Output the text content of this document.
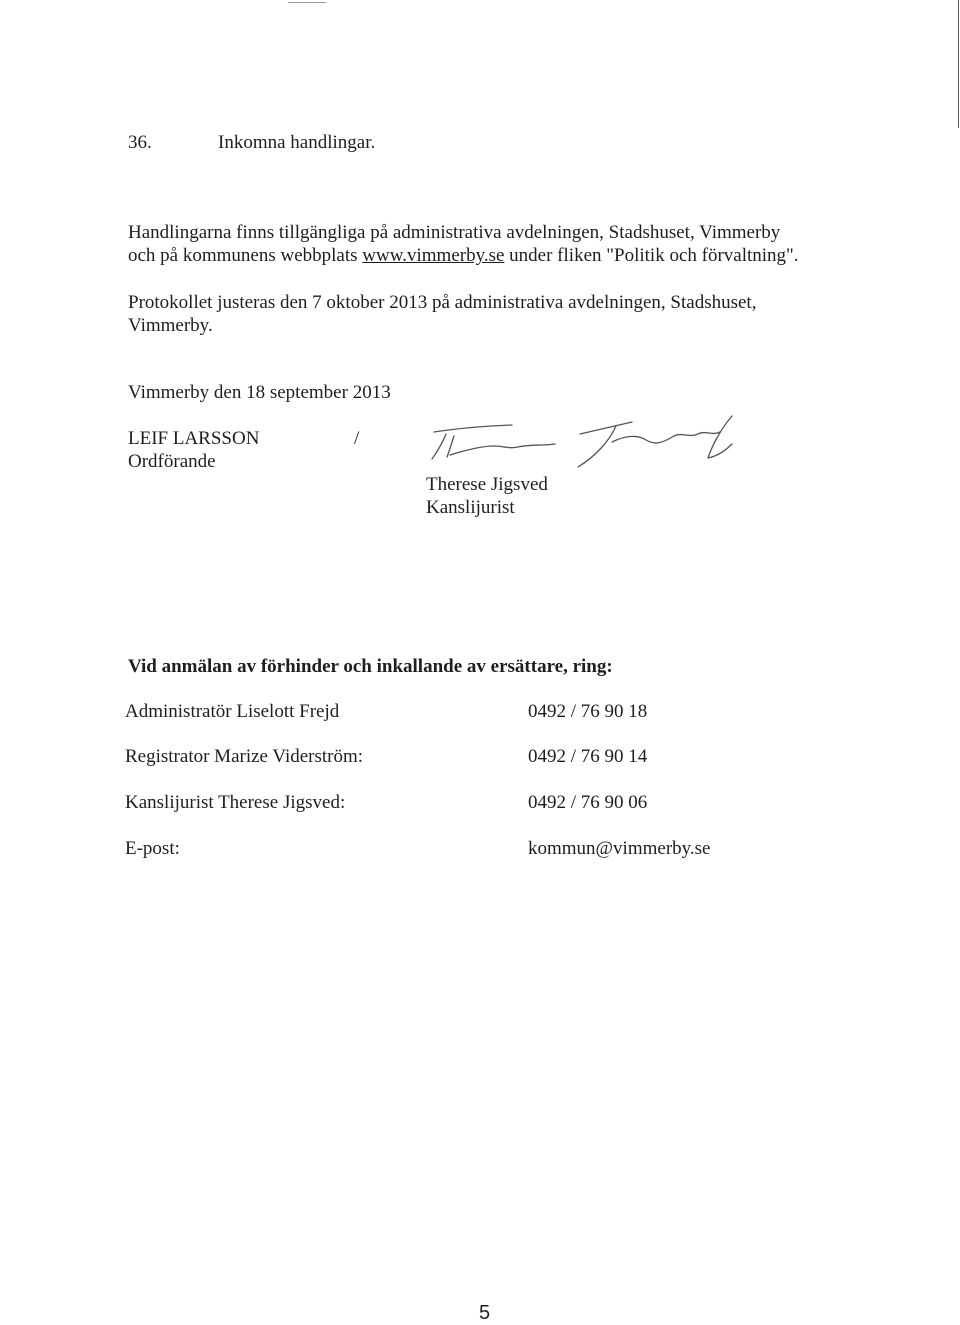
36.	Inkomna handlingar.
Handlingarna finns tillgängliga på administrativa avdelningen, Stadshuset, Vimmerby
och på kommunens webbplats www.vimmerby.se under fliken "Politik och förvaltning".
Protokollet justeras den 7 oktober 2013 på administrativa avdelningen, Stadshuset,
Vimmerby.
Vimmerby den 18 september 2013
LEIF LARSSON
Ordförande
/
Therese Jigsved
Kanslijurist
Vid anmälan av förhinder och inkallande av ersättare, ring:
Administratör Liselott Frejd	0492 / 76 90 18
Registrator Marize Viderström:	0492 / 76 90 14
Kanslijurist Therese Jigsved:	0492 / 76 90 06
E-post:	kommun@vimmerby.se
5
